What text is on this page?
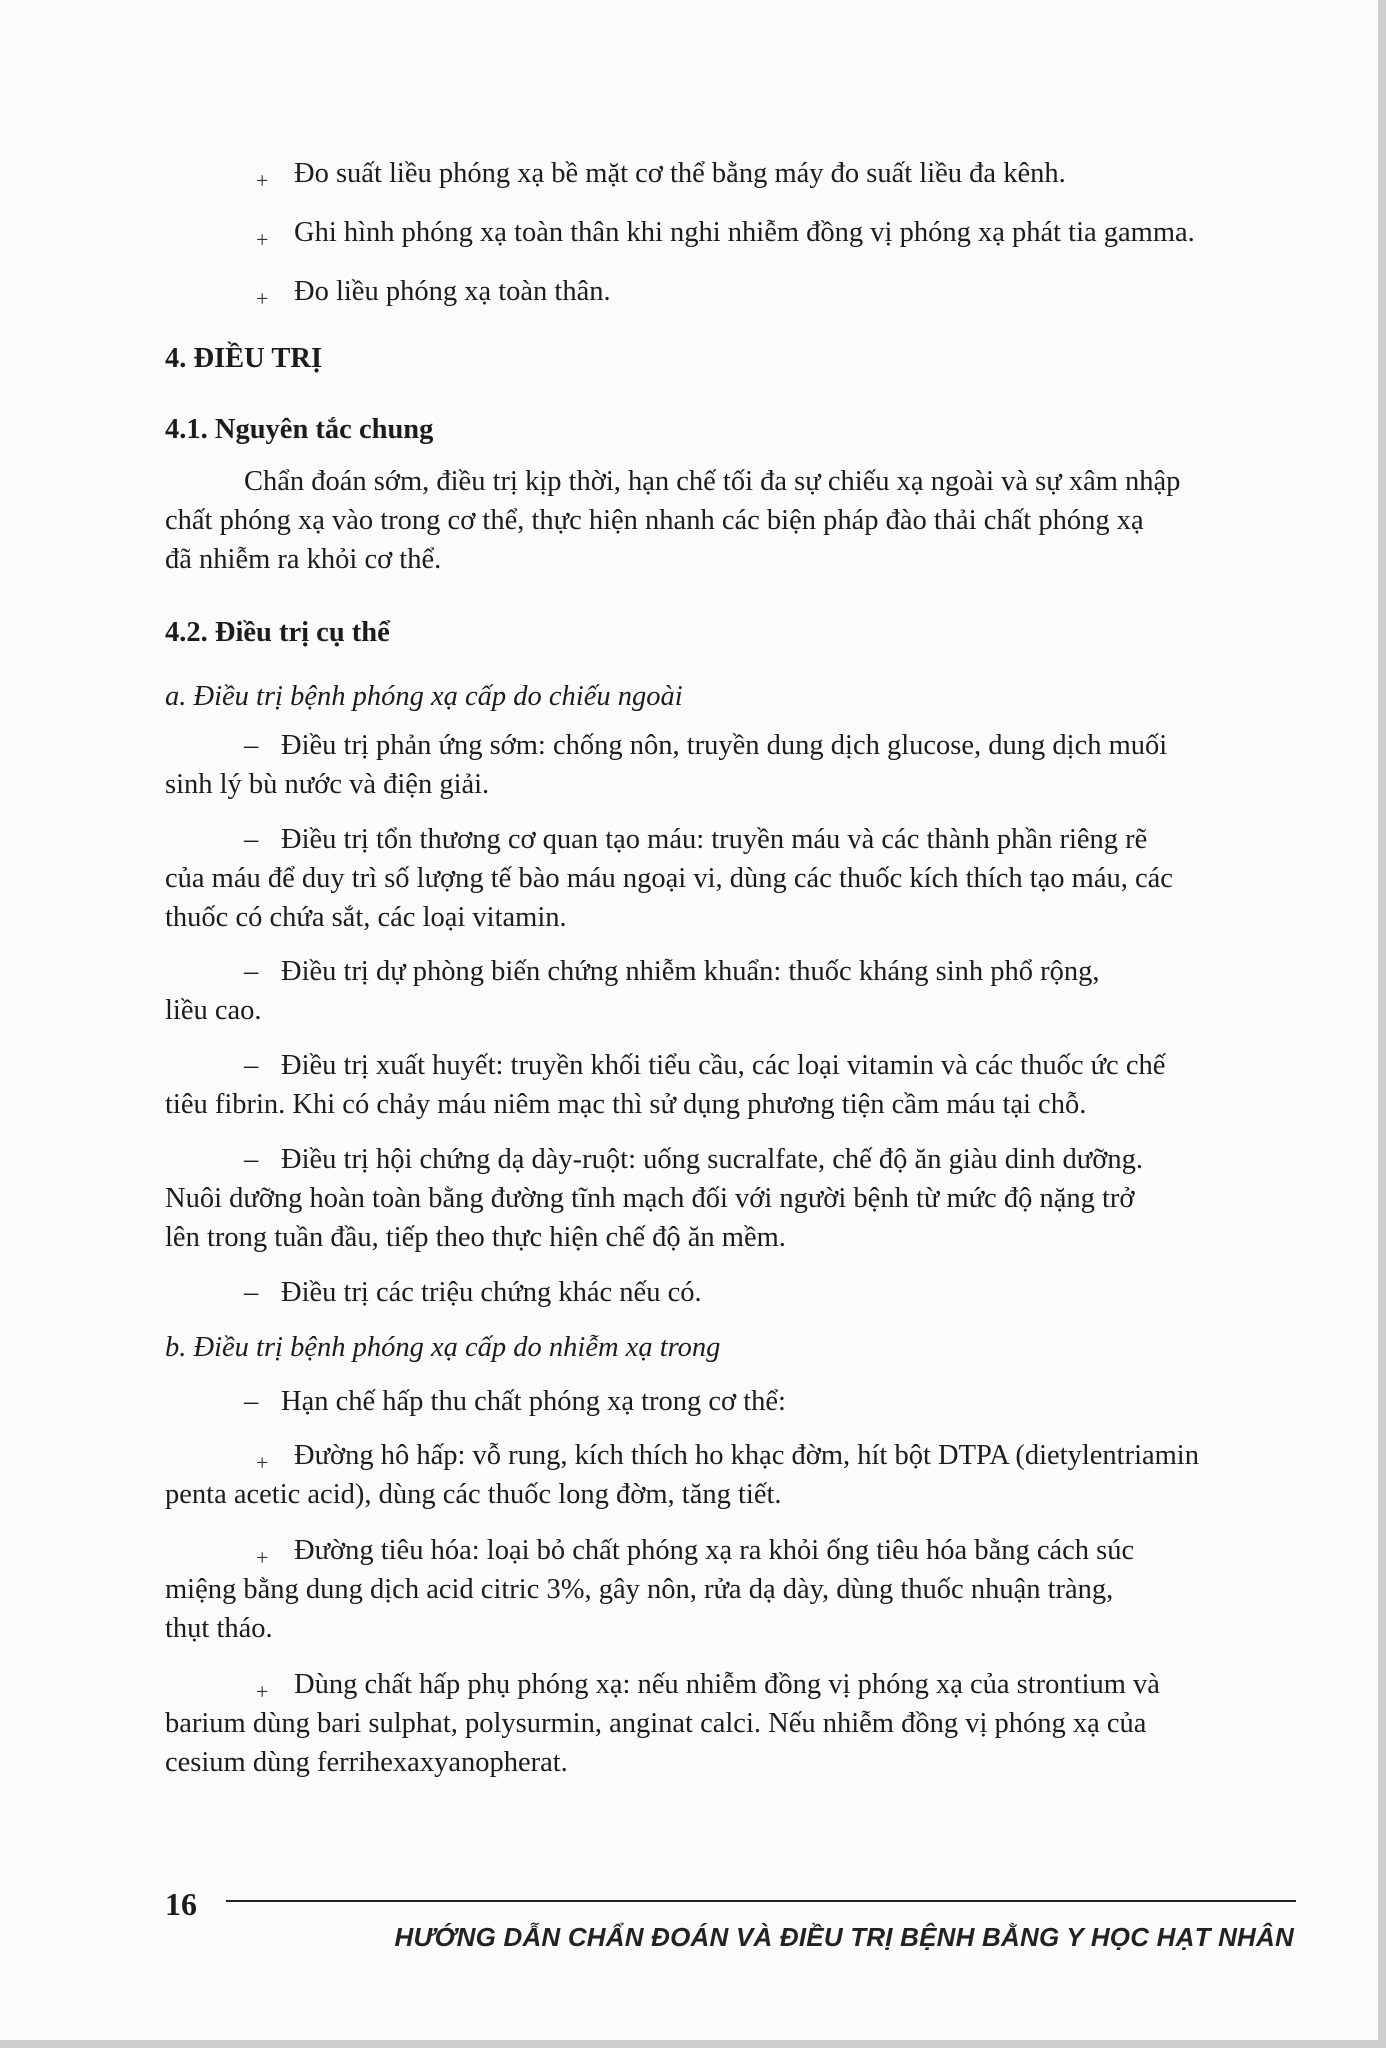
+ Đo suất liều phóng xạ bề mặt cơ thể bằng máy đo suất liều đa kênh.
+ Ghi hình phóng xạ toàn thân khi nghi nhiễm đồng vị phóng xạ phát tia gamma.
+ Đo liều phóng xạ toàn thân.
4. ĐIỀU TRỊ
4.1. Nguyên tắc chung
Chẩn đoán sớm, điều trị kịp thời, hạn chế tối đa sự chiếu xạ ngoài và sự xâm nhập
chất phóng xạ vào trong cơ thể, thực hiện nhanh các biện pháp đào thải chất phóng xạ
đã nhiễm ra khỏi cơ thể.
4.2. Điều trị cụ thể
a. Điều trị bệnh phóng xạ cấp do chiếu ngoài
– Điều trị phản ứng sớm: chống nôn, truyền dung dịch glucose, dung dịch muối
sinh lý bù nước và điện giải.
– Điều trị tổn thương cơ quan tạo máu: truyền máu và các thành phần riêng rẽ
của máu để duy trì số lượng tế bào máu ngoại vi, dùng các thuốc kích thích tạo máu, các
thuốc có chứa sắt, các loại vitamin.
– Điều trị dự phòng biến chứng nhiễm khuẩn: thuốc kháng sinh phổ rộng,
liều cao.
– Điều trị xuất huyết: truyền khối tiểu cầu, các loại vitamin và các thuốc ức chế
tiêu fibrin. Khi có chảy máu niêm mạc thì sử dụng phương tiện cầm máu tại chỗ.
– Điều trị hội chứng dạ dày-ruột: uống sucralfate, chế độ ăn giàu dinh dưỡng.
Nuôi dưỡng hoàn toàn bằng đường tĩnh mạch đối với người bệnh từ mức độ nặng trở
lên trong tuần đầu, tiếp theo thực hiện chế độ ăn mềm.
– Điều trị các triệu chứng khác nếu có.
b. Điều trị bệnh phóng xạ cấp do nhiễm xạ trong
– Hạn chế hấp thu chất phóng xạ trong cơ thể:
+ Đường hô hấp: vỗ rung, kích thích ho khạc đờm, hít bột DTPA (dietylentriamin
penta acetic acid), dùng các thuốc long đờm, tăng tiết.
+ Đường tiêu hóa: loại bỏ chất phóng xạ ra khỏi ống tiêu hóa bằng cách súc
miệng bằng dung dịch acid citric 3%, gây nôn, rửa dạ dày, dùng thuốc nhuận tràng,
thụt tháo.
+ Dùng chất hấp phụ phóng xạ: nếu nhiễm đồng vị phóng xạ của strontium và
barium dùng bari sulphat, polysurmin, anginat calci. Nếu nhiễm đồng vị phóng xạ của
cesium dùng ferrihexaxyanopherat.
16
HƯỚNG DẪN CHẨN ĐOÁN VÀ ĐIỀU TRỊ BỆNH BẰNG Y HỌC HẠT NHÂN
